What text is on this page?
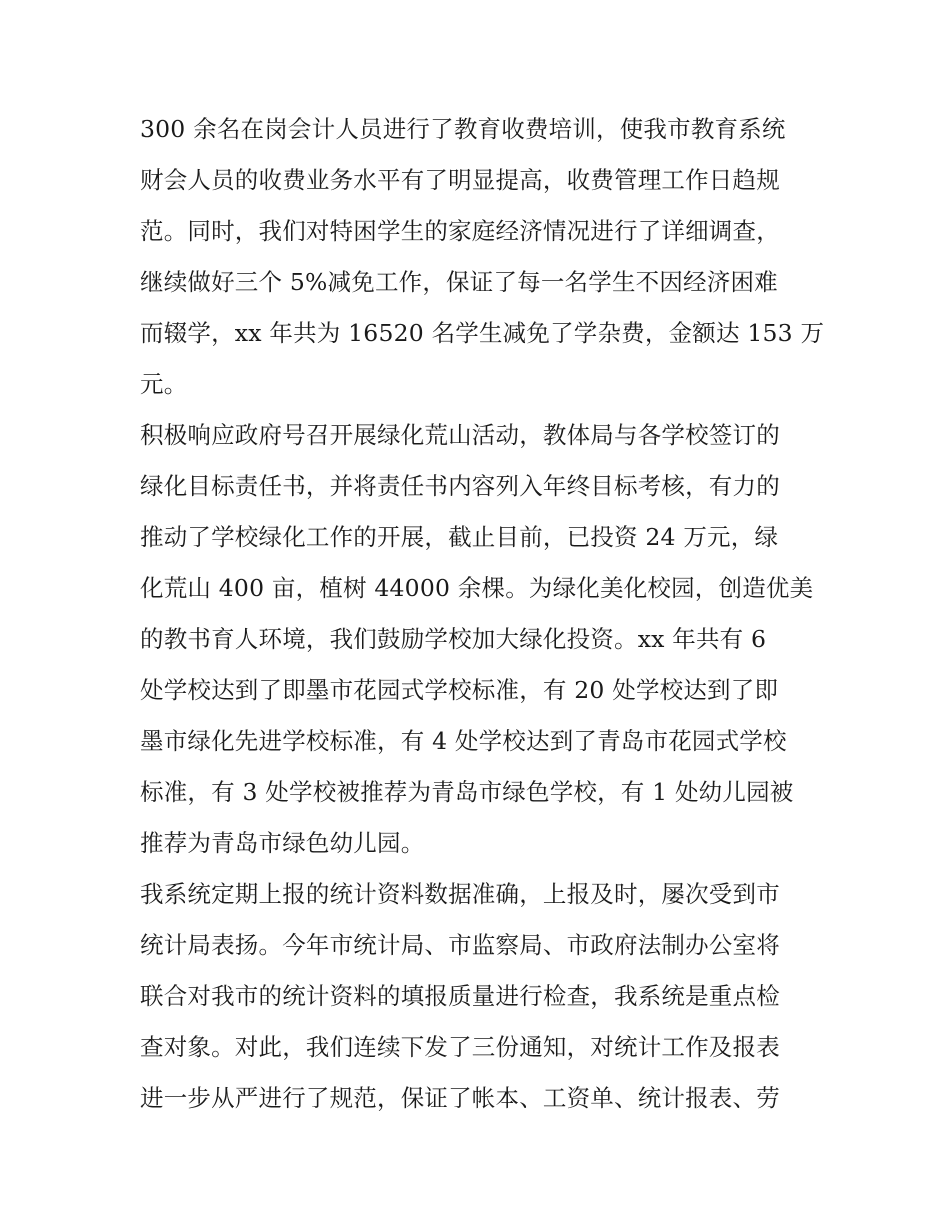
300 余名在岗会计人员进行了教育收费培训，使我市教育系统
财会人员的收费业务水平有了明显提高，收费管理工作日趋规
范。同时，我们对特困学生的家庭经济情况进行了详细调查，
继续做好三个 5%减免工作，保证了每一名学生不因经济困难
而辍学，xx 年共为 16520 名学生减免了学杂费，金额达 153 万
元。
积极响应政府号召开展绿化荒山活动，教体局与各学校签订的
绿化目标责任书，并将责任书内容列入年终目标考核，有力的
推动了学校绿化工作的开展，截止目前，已投资 24 万元，绿
化荒山 400 亩，植树 44000 余棵。为绿化美化校园，创造优美
的教书育人环境，我们鼓励学校加大绿化投资。xx 年共有 6
处学校达到了即墨市花园式学校标准，有 20 处学校达到了即
墨市绿化先进学校标准，有 4 处学校达到了青岛市花园式学校
标准，有 3 处学校被推荐为青岛市绿色学校，有 1 处幼儿园被
推荐为青岛市绿色幼儿园。
我系统定期上报的统计资料数据准确，上报及时，屡次受到市
统计局表扬。今年市统计局、市监察局、市政府法制办公室将
联合对我市的统计资料的填报质量进行检查，我系统是重点检
查对象。对此，我们连续下发了三份通知，对统计工作及报表
进一步从严进行了规范，保证了帐本、工资单、统计报表、劳
